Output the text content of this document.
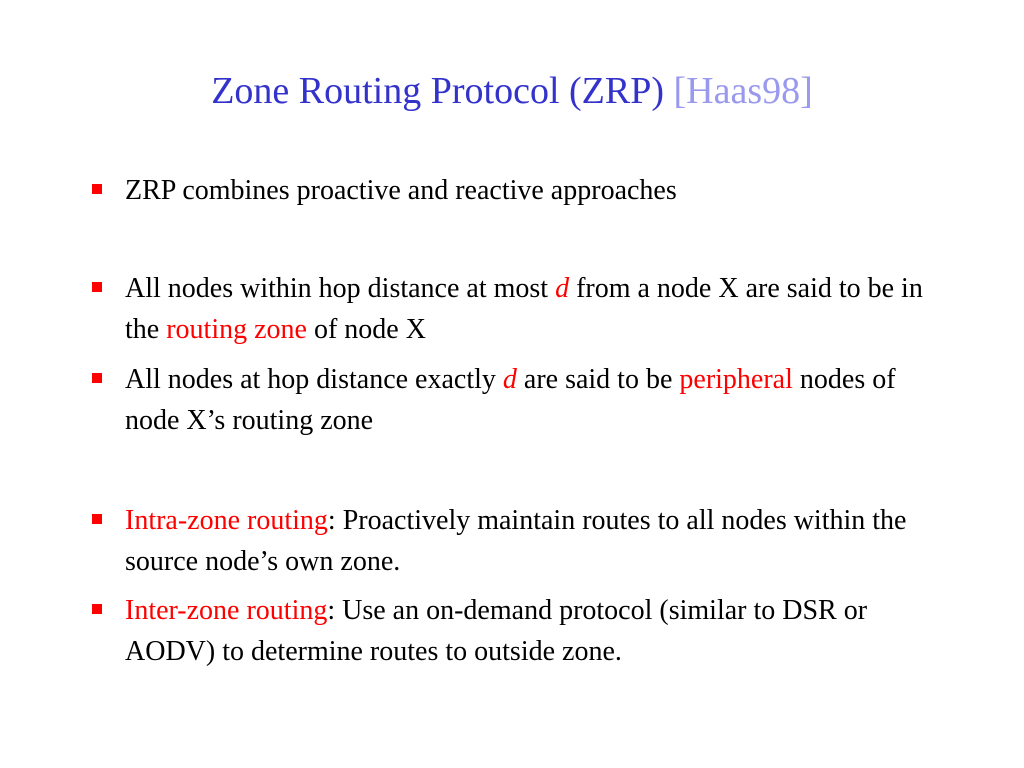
Zone Routing Protocol (ZRP) [Haas98]
ZRP combines proactive and reactive approaches
All nodes within hop distance at most d from a node X are said to be in the routing zone of node X
All nodes at hop distance exactly d are said to be peripheral nodes of node X’s routing zone
Intra-zone routing: Proactively maintain routes to all nodes within the source node’s own zone.
Inter-zone routing: Use an on-demand protocol (similar to DSR or AODV) to determine routes to outside zone.
